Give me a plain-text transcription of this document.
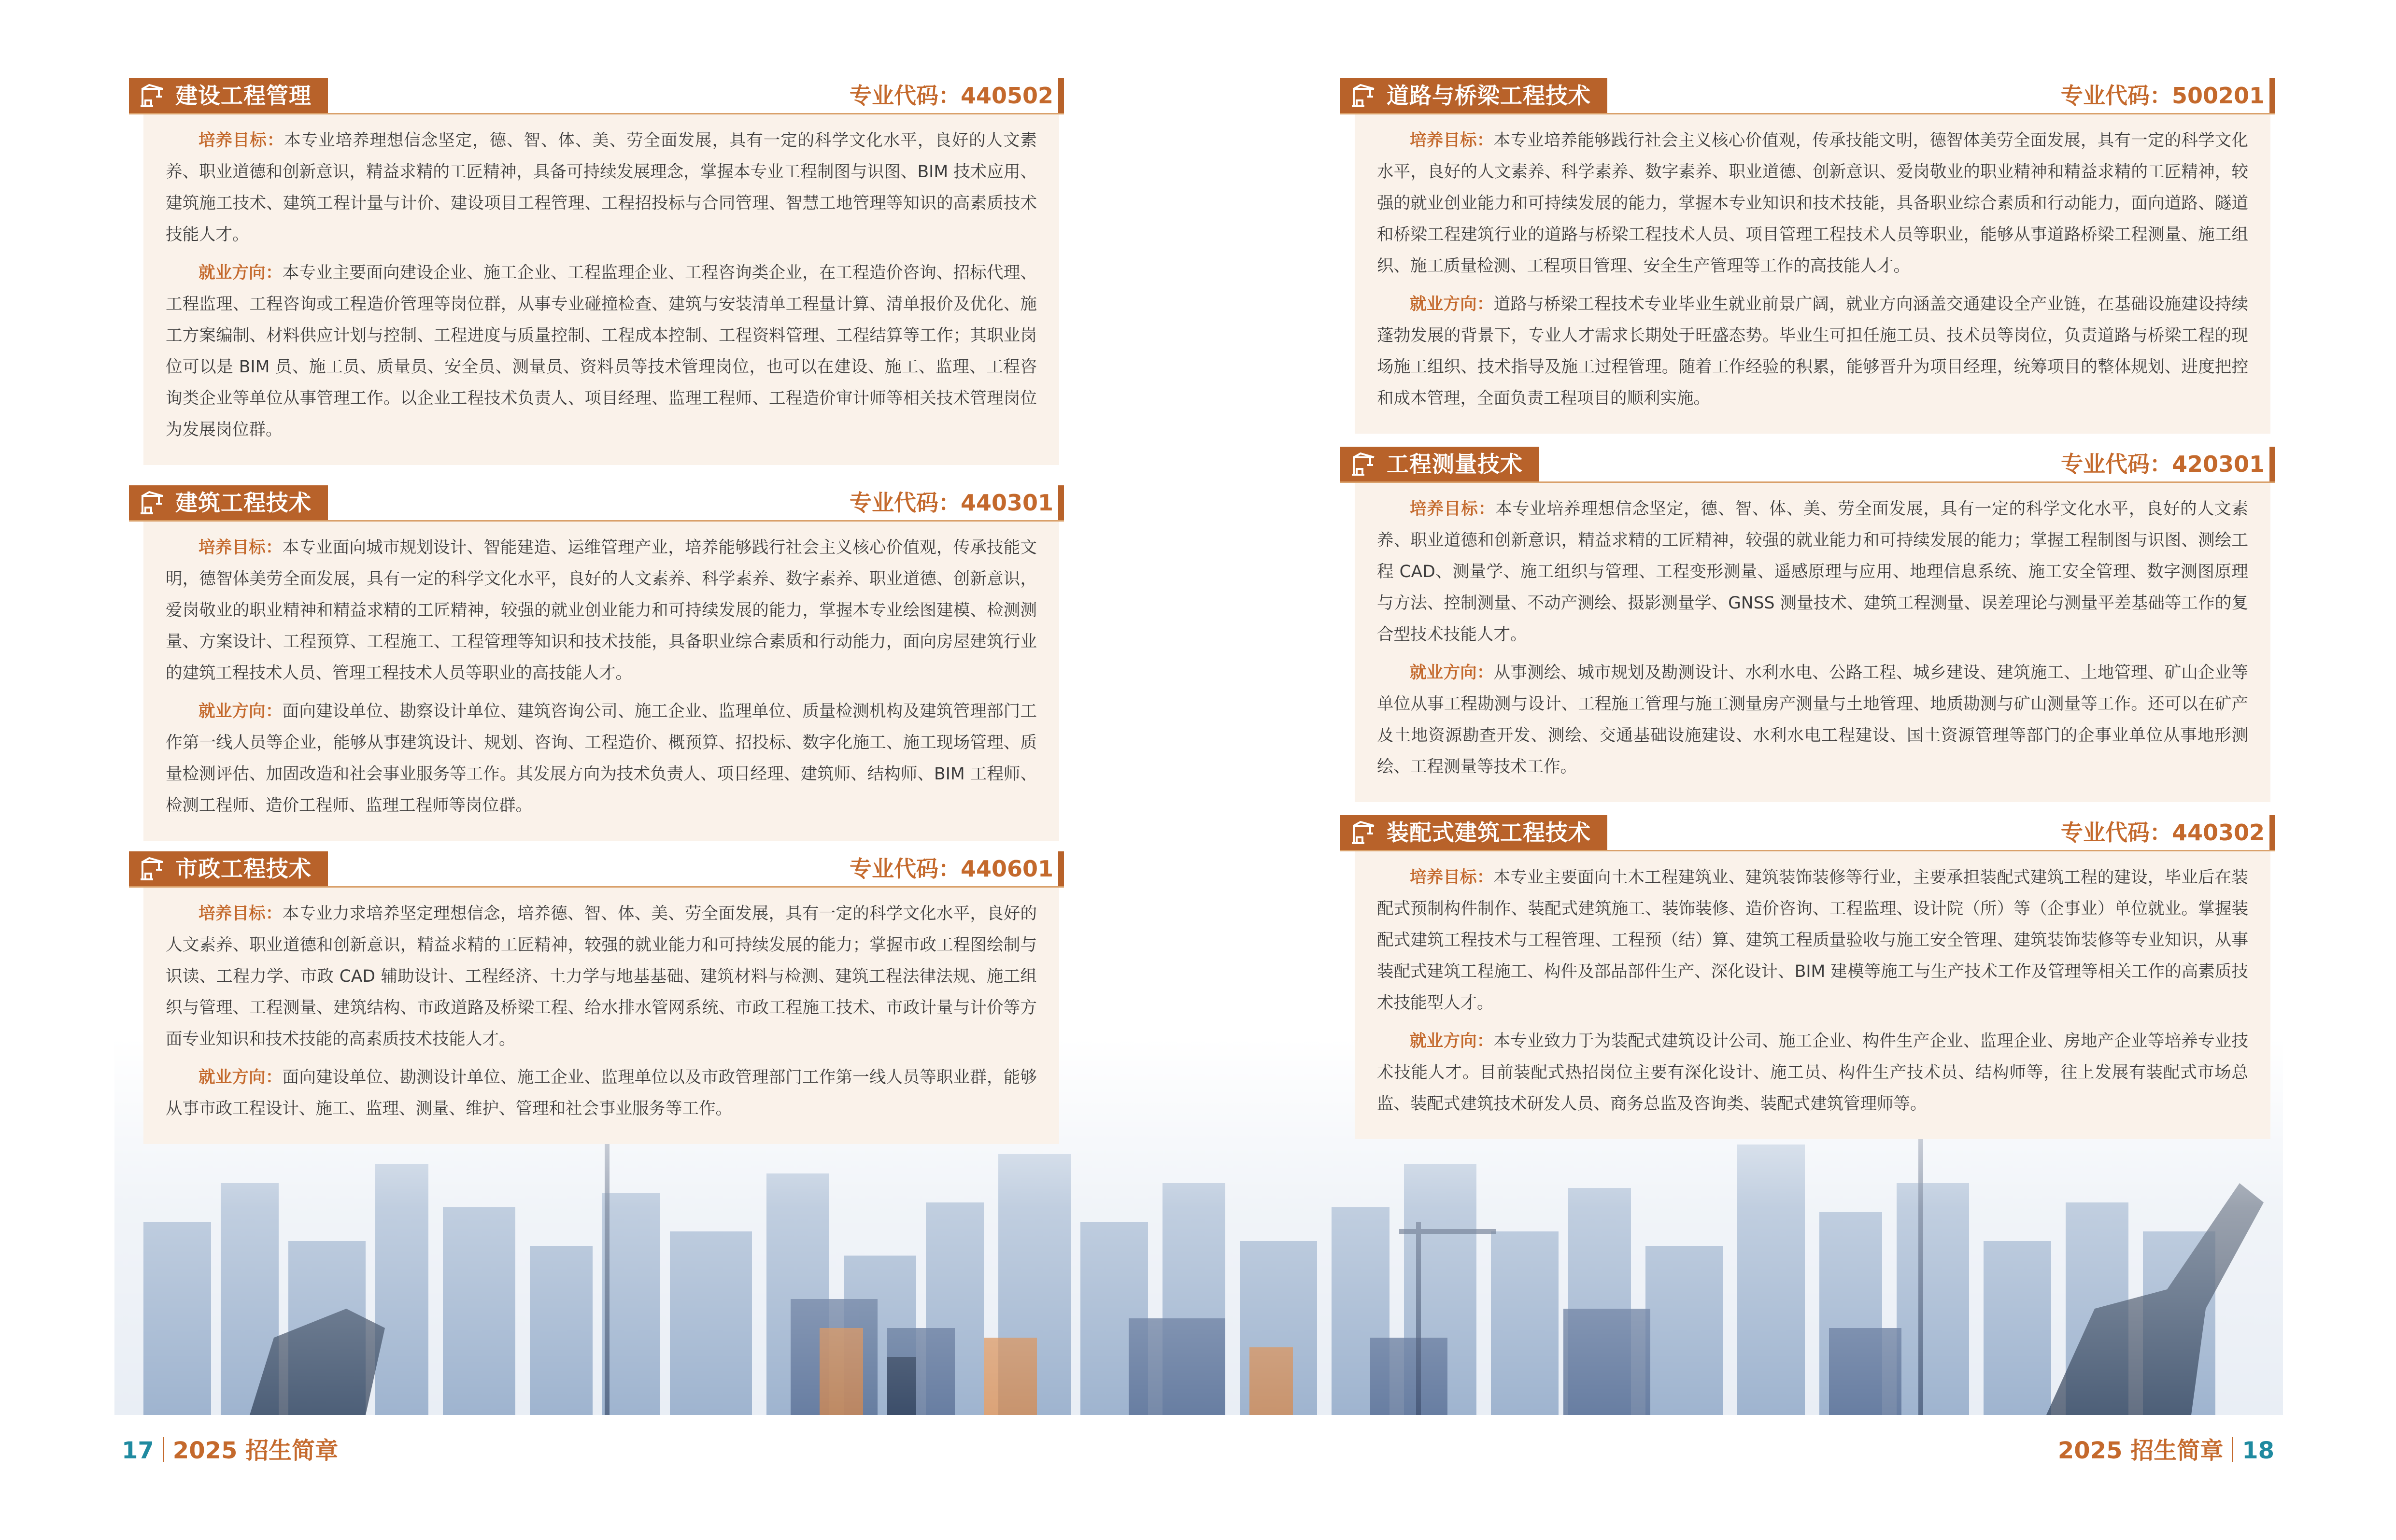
建设工程管理	专业代码：440502

培养目标：本专业培养理想信念坚定，德、智、体、美、劳全面发展，具有一定的科学文化水平，良好的人文素养、职业道德和创新意识，精益求精的工匠精神，具备可持续发展理念，掌握本专业工程制图与识图、BIM 技术应用、建筑施工技术、建筑工程计量与计价、建设项目工程管理、工程招投标与合同管理、智慧工地管理等知识的高素质技术技能人才。

就业方向：本专业主要面向建设企业、施工企业、工程监理企业、工程咨询类企业，在工程造价咨询、招标代理、工程监理、工程咨询或工程造价管理等岗位群，从事专业碰撞检查、建筑与安装清单工程量计算、清单报价及优化、施工方案编制、材料供应计划与控制、工程进度与质量控制、工程成本控制、工程资料管理、工程结算等工作；其职业岗位可以是 BIM 员、施工员、质量员、安全员、测量员、资料员等技术管理岗位，也可以在建设、施工、监理、工程咨询类企业等单位从事管理工作。以企业工程技术负责人、项目经理、监理工程师、工程造价审计师等相关技术管理岗位为发展岗位群。

建筑工程技术	专业代码：440301

培养目标：本专业面向城市规划设计、智能建造、运维管理产业，培养能够践行社会主义核心价值观，传承技能文明，德智体美劳全面发展，具有一定的科学文化水平，良好的人文素养、科学素养、数字素养、职业道德、创新意识，爱岗敬业的职业精神和精益求精的工匠精神，较强的就业创业能力和可持续发展的能力，掌握本专业绘图建模、检测测量、方案设计、工程预算、工程施工、工程管理等知识和技术技能，具备职业综合素质和行动能力，面向房屋建筑行业的建筑工程技术人员、管理工程技术人员等职业的高技能人才。

就业方向：面向建设单位、勘察设计单位、建筑咨询公司、施工企业、监理单位、质量检测机构及建筑管理部门工作第一线人员等企业，能够从事建筑设计、规划、咨询、工程造价、概预算、招投标、数字化施工、施工现场管理、质量检测评估、加固改造和社会事业服务等工作。其发展方向为技术负责人、项目经理、建筑师、结构师、BIM 工程师、检测工程师、造价工程师、监理工程师等岗位群。

市政工程技术	专业代码：440601

培养目标：本专业力求培养坚定理想信念，培养德、智、体、美、劳全面发展，具有一定的科学文化水平，良好的人文素养、职业道德和创新意识，精益求精的工匠精神，较强的就业能力和可持续发展的能力；掌握市政工程图绘制与识读、工程力学、市政 CAD 辅助设计、工程经济、土力学与地基基础、建筑材料与检测、建筑工程法律法规、施工组织与管理、工程测量、建筑结构、市政道路及桥梁工程、给水排水管网系统、市政工程施工技术、市政计量与计价等方面专业知识和技术技能的高素质技术技能人才。

就业方向：面向建设单位、勘测设计单位、施工企业、监理单位以及市政管理部门工作第一线人员等职业群，能够从事市政工程设计、施工、监理、测量、维护、管理和社会事业服务等工作。

道路与桥梁工程技术	专业代码：500201

培养目标：本专业培养能够践行社会主义核心价值观，传承技能文明，德智体美劳全面发展，具有一定的科学文化水平，良好的人文素养、科学素养、数字素养、职业道德、创新意识、爱岗敬业的职业精神和精益求精的工匠精神，较强的就业创业能力和可持续发展的能力，掌握本专业知识和技术技能，具备职业综合素质和行动能力，面向道路、隧道和桥梁工程建筑行业的道路与桥梁工程技术人员、项目管理工程技术人员等职业，能够从事道路桥梁工程测量、施工组织、施工质量检测、工程项目管理、安全生产管理等工作的高技能人才。

就业方向：道路与桥梁工程技术专业毕业生就业前景广阔，就业方向涵盖交通建设全产业链，在基础设施建设持续蓬勃发展的背景下，专业人才需求长期处于旺盛态势。毕业生可担任施工员、技术员等岗位，负责道路与桥梁工程的现场施工组织、技术指导及施工过程管理。随着工作经验的积累，能够晋升为项目经理，统筹项目的整体规划、进度把控和成本管理，全面负责工程项目的顺利实施。

工程测量技术	专业代码：420301

培养目标：本专业培养理想信念坚定，德、智、体、美、劳全面发展，具有一定的科学文化水平，良好的人文素养、职业道德和创新意识，精益求精的工匠精神，较强的就业能力和可持续发展的能力；掌握工程制图与识图、测绘工程 CAD、测量学、施工组织与管理、工程变形测量、遥感原理与应用、地理信息系统、施工安全管理、数字测图原理与方法、控制测量、不动产测绘、摄影测量学、GNSS 测量技术、建筑工程测量、误差理论与测量平差基础等工作的复合型技术技能人才。

就业方向：从事测绘、城市规划及勘测设计、水利水电、公路工程、城乡建设、建筑施工、土地管理、矿山企业等单位从事工程勘测与设计、工程施工管理与施工测量房产测量与土地管理、地质勘测与矿山测量等工作。还可以在矿产及土地资源勘查开发、测绘、交通基础设施建设、水利水电工程建设、国土资源管理等部门的企事业单位从事地形测绘、工程测量等技术工作。

装配式建筑工程技术	专业代码：440302

培养目标：本专业主要面向土木工程建筑业、建筑装饰装修等行业，主要承担装配式建筑工程的建设，毕业后在装配式预制构件制作、装配式建筑施工、装饰装修、造价咨询、工程监理、设计院（所）等（企事业）单位就业。掌握装配式建筑工程技术与工程管理、工程预（结）算、建筑工程质量验收与施工安全管理、建筑装饰装修等专业知识，从事装配式建筑工程施工、构件及部品部件生产、深化设计、BIM 建模等施工与生产技术工作及管理等相关工作的高素质技术技能型人才。

就业方向：本专业致力于为装配式建筑设计公司、施工企业、构件生产企业、监理企业、房地产企业等培养专业技术技能人才。目前装配式热招岗位主要有深化设计、施工员、构件生产技术员、结构师等，往上发展有装配式市场总监、装配式建筑技术研发人员、商务总监及咨询类、装配式建筑管理师等。

17 2025 招生简章	2025 招生简章 18
